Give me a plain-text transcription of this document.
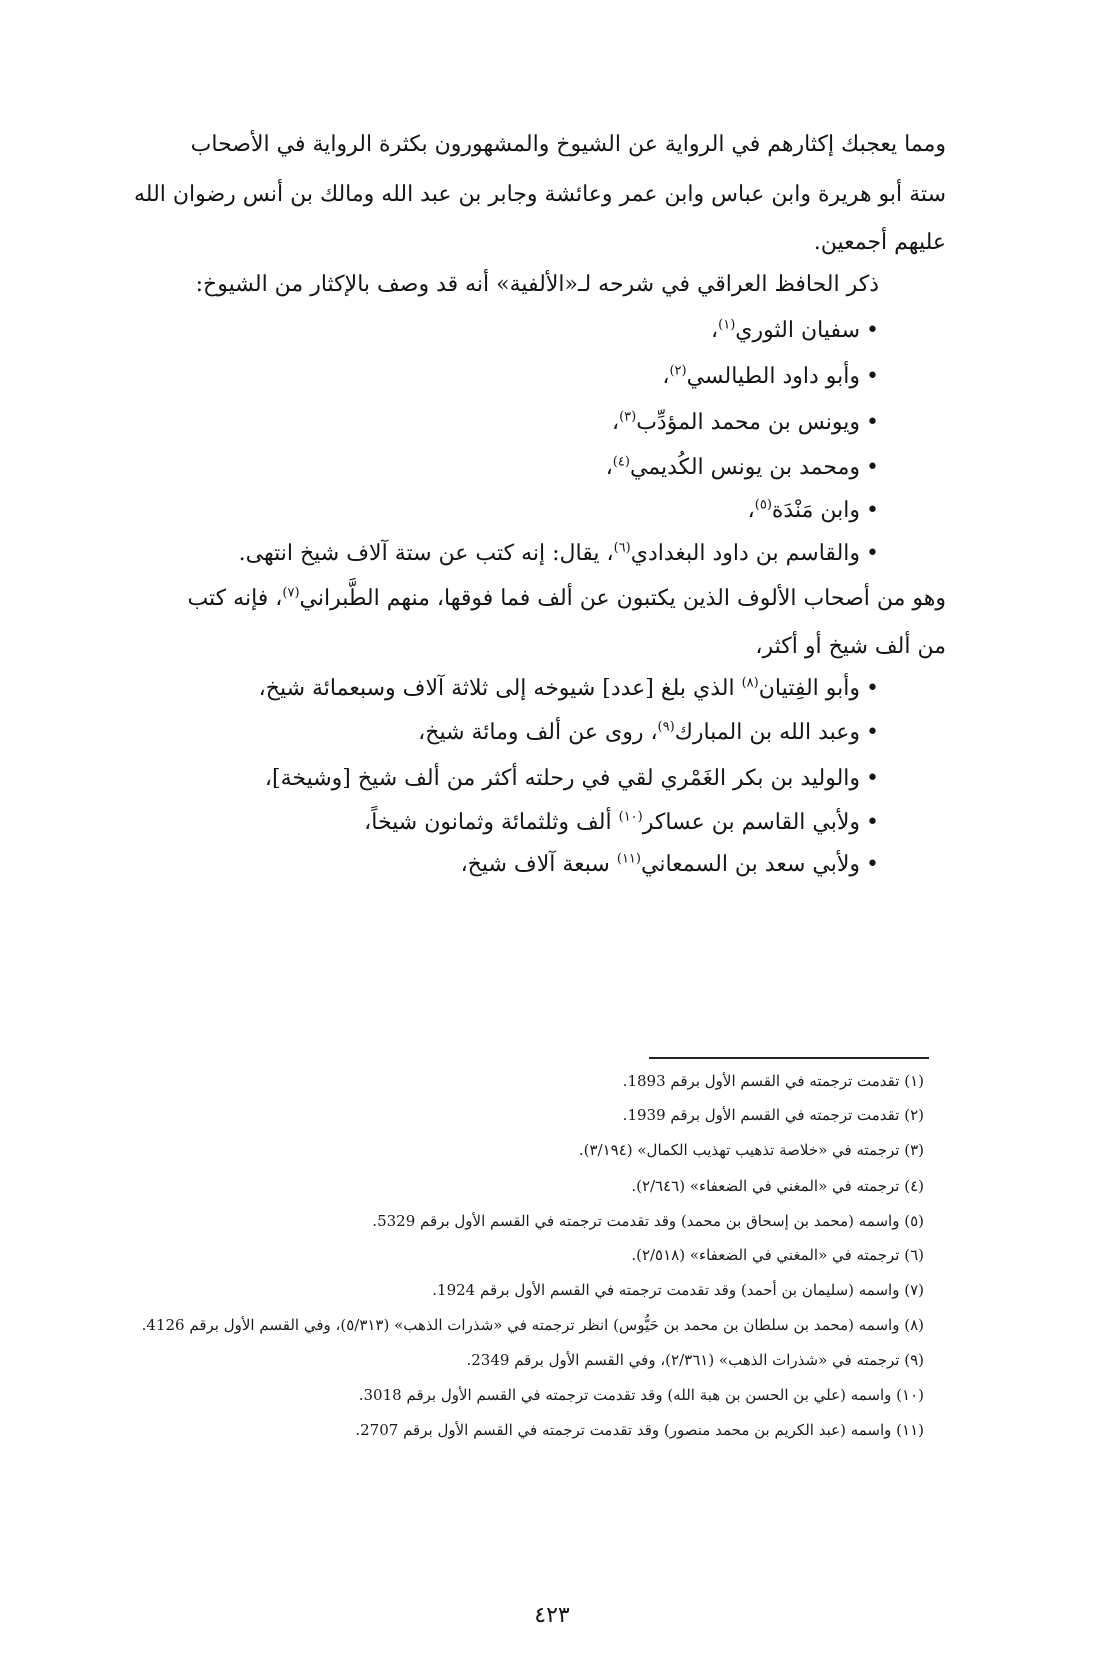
ومما يعجبك إكثارهم في الرواية عن الشيوخ والمشهورون بكثرة الرواية في الأصحاب
ستة أبو هريرة وابن عباس وابن عمر وعائشة وجابر بن عبد الله ومالك بن أنس رضوان الله
عليهم أجمعين.
ذكر الحافظ العراقي في شرحه لـ«الألفية» أنه قد وصف بالإكثار من الشيوخ:
•سفيان الثوري$^{(١)}$،
•وأبو داود الطيالسي$^{(٢)}$،
•ويونس بن محمد المؤدِّب$^{(٣)}$،
•ومحمد بن يونس الكُديمي$^{(٤)}$،
•وابن مَنْدَة$^{(٥)}$،
•والقاسم بن داود البغدادي$^{(٦)}$، يقال: إنه كتب عن ستة آلاف شيخ انتهى.
وهو من أصحاب الألوف الذين يكتبون عن ألف فما فوقها، منهم الطَّبراني$^{(٧)}$، فإنه كتب
من ألف شيخ أو أكثر،
•وأبو الفِتيان$^{(٨)}$ الذي بلغ [عدد] شيوخه إلى ثلاثة آلاف وسبعمائة شيخ،
•وعبد الله بن المبارك$^{(٩)}$، روى عن ألف ومائة شيخ،
•والوليد بن بكر الغَمْري لقي في رحلته أكثر من ألف شيخ [وشيخة]،
•ولأبي القاسم بن عساكر$^{(١٠)}$ ألف وثلثمائة وثمانون شيخاً،
•ولأبي سعد بن السمعاني$^{(١١)}$ سبعة آلاف شيخ،
(١) تقدمت ترجمته في القسم الأول برقم 1893.
(٢) تقدمت ترجمته في القسم الأول برقم 1939.
(٣) ترجمته في «خلاصة تذهيب تهذيب الكمال» (٣/١٩٤).
(٤) ترجمته في «المغني في الضعفاء» (٢/٦٤٦).
(٥) واسمه (محمد بن إسحاق بن محمد) وقد تقدمت ترجمته في القسم الأول برقم 5329.
(٦) ترجمته في «المغني في الضعفاء» (٢/٥١٨).
(٧) واسمه (سليمان بن أحمد) وقد تقدمت ترجمته في القسم الأول برقم 1924.
(٨) واسمه (محمد بن سلطان بن محمد بن حَيُّوس) انظر ترجمته في «شذرات الذهب» (٥/٣١٣)، وفي القسم الأول برقم 4126.
(٩) ترجمته في «شذرات الذهب» (٢/٣٦١)، وفي القسم الأول برقم 2349.
(١٠) واسمه (علي بن الحسن بن هبة الله) وقد تقدمت ترجمته في القسم الأول برقم 3018.
(١١) واسمه (عبد الكريم بن محمد منصور) وقد تقدمت ترجمته في القسم الأول برقم 2707.
٤٢٣
